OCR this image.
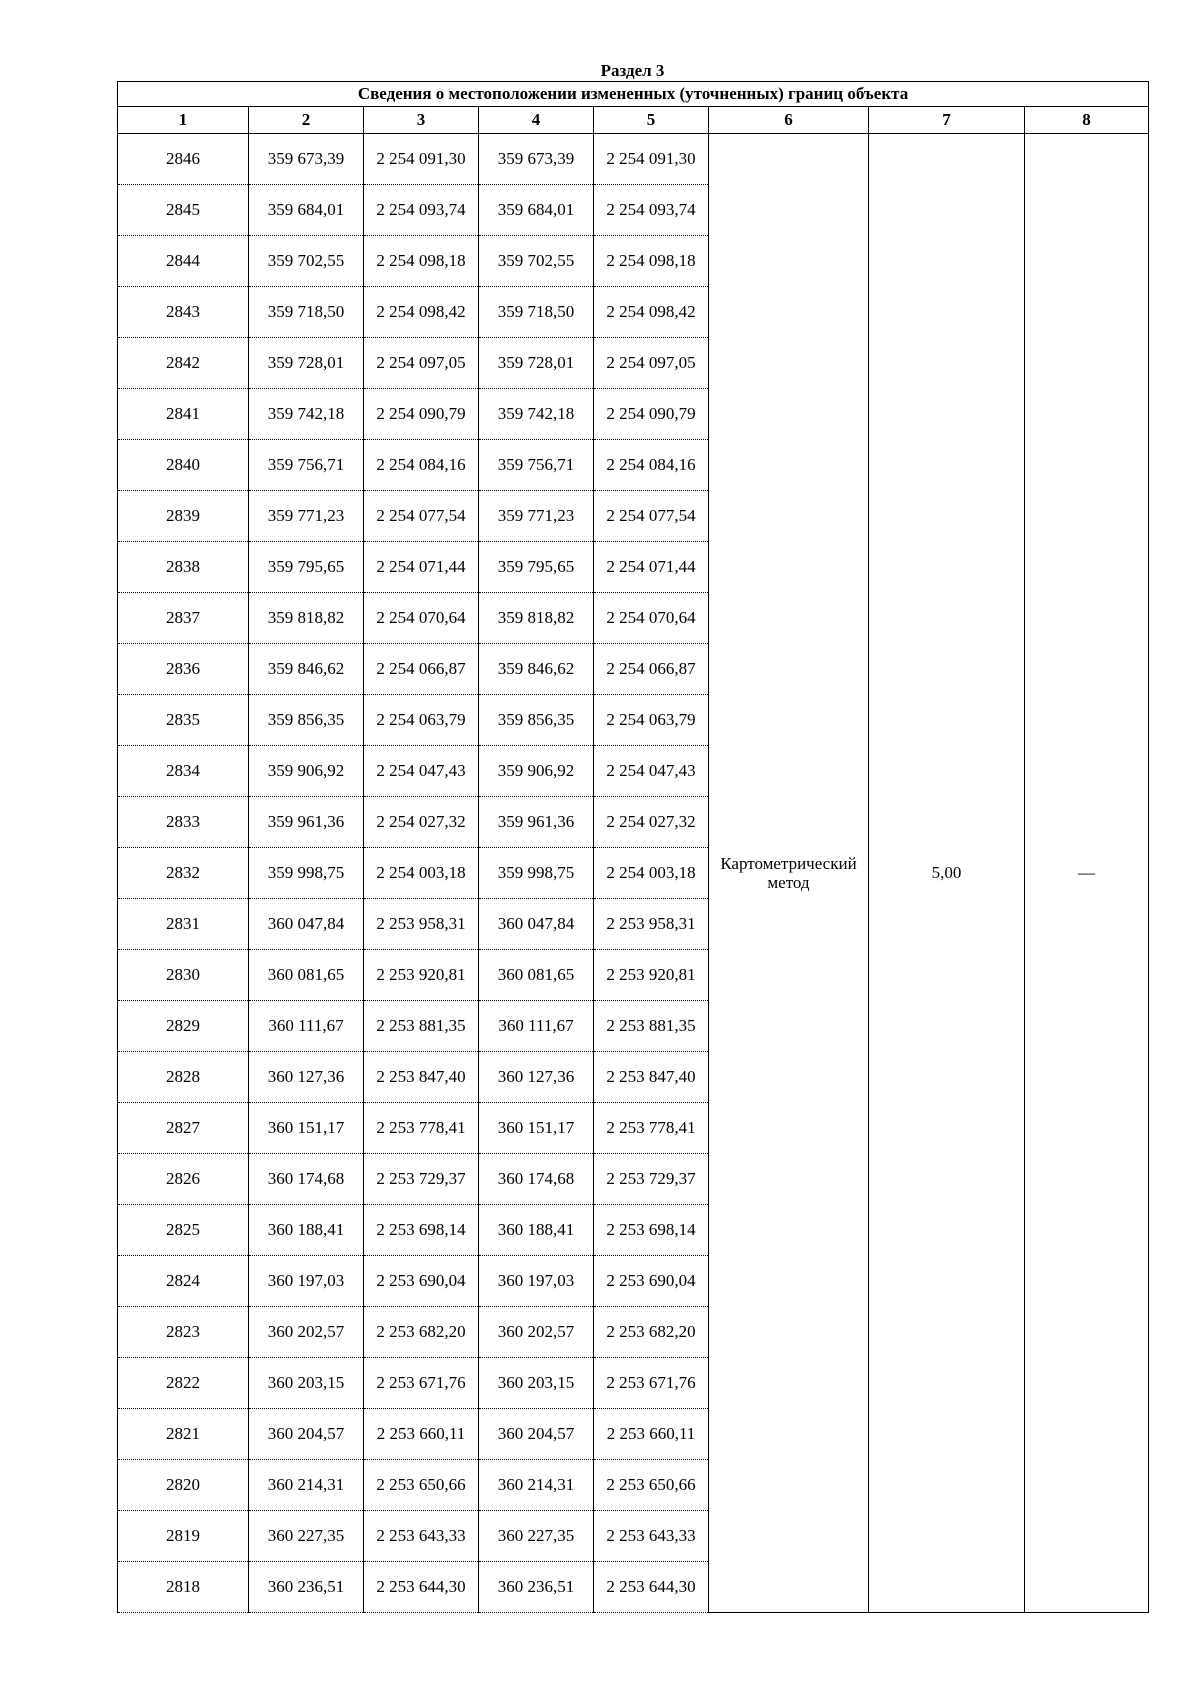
Раздел 3
Сведения о местоположении измененных (уточненных) границ объекта							
1	2	3	4	5	6	7	8
2846	359 673,39	2 254 091,30	359 673,39	2 254 091,30	Картометрический метод	5,00	—
2845	359 684,01	2 254 093,74	359 684,01	2 254 093,74			
2844	359 702,55	2 254 098,18	359 702,55	2 254 098,18			
2843	359 718,50	2 254 098,42	359 718,50	2 254 098,42			
2842	359 728,01	2 254 097,05	359 728,01	2 254 097,05			
2841	359 742,18	2 254 090,79	359 742,18	2 254 090,79			
2840	359 756,71	2 254 084,16	359 756,71	2 254 084,16			
2839	359 771,23	2 254 077,54	359 771,23	2 254 077,54			
2838	359 795,65	2 254 071,44	359 795,65	2 254 071,44			
2837	359 818,82	2 254 070,64	359 818,82	2 254 070,64			
2836	359 846,62	2 254 066,87	359 846,62	2 254 066,87			
2835	359 856,35	2 254 063,79	359 856,35	2 254 063,79			
2834	359 906,92	2 254 047,43	359 906,92	2 254 047,43			
2833	359 961,36	2 254 027,32	359 961,36	2 254 027,32			
2832	359 998,75	2 254 003,18	359 998,75	2 254 003,18			
2831	360 047,84	2 253 958,31	360 047,84	2 253 958,31			
2830	360 081,65	2 253 920,81	360 081,65	2 253 920,81			
2829	360 111,67	2 253 881,35	360 111,67	2 253 881,35			
2828	360 127,36	2 253 847,40	360 127,36	2 253 847,40			
2827	360 151,17	2 253 778,41	360 151,17	2 253 778,41			
2826	360 174,68	2 253 729,37	360 174,68	2 253 729,37			
2825	360 188,41	2 253 698,14	360 188,41	2 253 698,14			
2824	360 197,03	2 253 690,04	360 197,03	2 253 690,04			
2823	360 202,57	2 253 682,20	360 202,57	2 253 682,20			
2822	360 203,15	2 253 671,76	360 203,15	2 253 671,76			
2821	360 204,57	2 253 660,11	360 204,57	2 253 660,11			
2820	360 214,31	2 253 650,66	360 214,31	2 253 650,66			
2819	360 227,35	2 253 643,33	360 227,35	2 253 643,33			
2818	360 236,51	2 253 644,30	360 236,51	2 253 644,30			
